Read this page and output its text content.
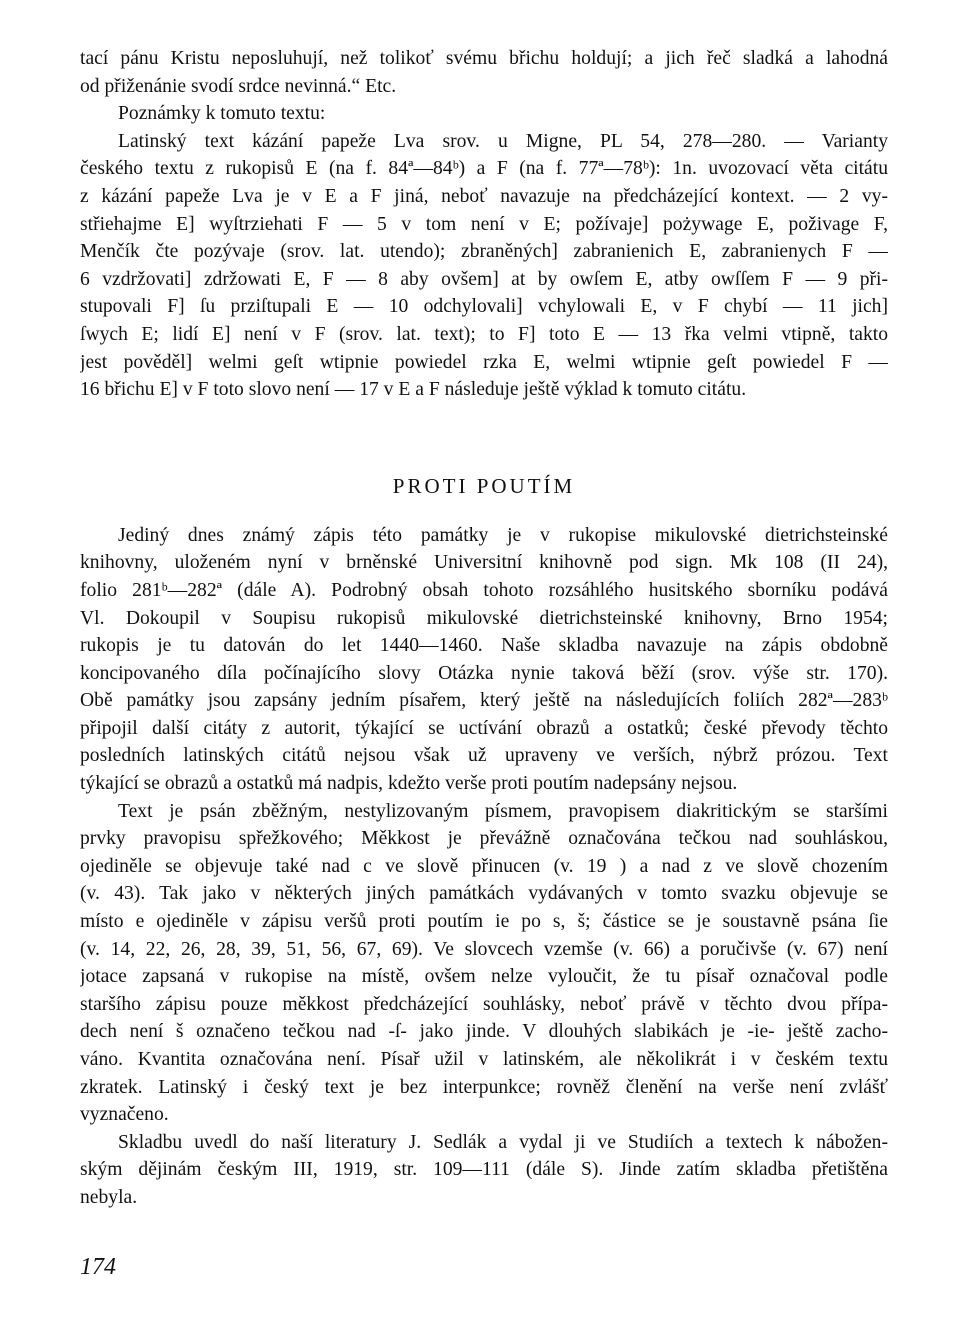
tací pánu Kristu neposluhují, než tolikoť svému břichu holdují; a jich řeč sladká a lahodná
od přiženánie svodí srdce nevinná.“ Etc.
Poznámky k tomuto textu:
Latinský text kázání papeže Lva srov. u Migne, PL 54, 278—280. — Varianty
českého textu z rukopisů E (na f. 84ª—84ᵇ) a F (na f. 77ª—78ᵇ): 1n. uvozovací věta citátu
z kázání papeže Lva je v E a F jiná, neboť navazuje na předcházející kontext. — 2 vy-
střiehajme E] wyſtrziehati F — 5 v tom není v E; požívaje] pożywage E, poživage F,
Menčík čte pozývaje (srov. lat. utendo); zbraněných] zabranienich E, zabranienych F —
6 vzdržovati] zdržowati E, F — 8 aby ovšem] at by owſem E, atby owſſem F — 9 při-
stupovali F] ſu prziſtupali E — 10 odchylovali] vchylowali E, v F chybí — 11 jich]
ſwych E; lidí E] není v F (srov. lat. text); to F] toto E — 13 řka velmi vtipně, takto
jest pověděl] welmi geſt wtipnie powiedel rzka E, welmi wtipnie geſt powiedel F —
16 břichu E] v F toto slovo není — 17 v E a F následuje ještě výklad k tomuto citátu.
PROTI POUTÍM
Jediný dnes známý zápis této památky je v rukopise mikulovské dietrichsteinské
knihovny, uloženém nyní v brněnské Universitní knihovně pod sign. Mk 108 (II 24),
folio 281ᵇ—282ª (dále A). Podrobný obsah tohoto rozsáhlého husitského sborníku podává
Vl. Dokoupil v Soupisu rukopisů mikulovské dietrichsteinské knihovny, Brno 1954;
rukopis je tu datován do let 1440—1460. Naše skladba navazuje na zápis obdobně
koncipovaného díla počínajícího slovy Otázka nynie taková běží (srov. výše str. 170).
Obě památky jsou zapsány jedním písařem, který ještě na následujících foliích 282ª—283ᵇ
připojil další citáty z autorit, týkající se uctívání obrazů a ostatků; české převody těchto
posledních latinských citátů nejsou však už upraveny ve verších, nýbrž prózou. Text
týkající se obrazů a ostatků má nadpis, kdežto verše proti poutím nadepsány nejsou.
Text je psán zběžným, nestylizovaným písmem, pravopisem diakritickým se staršími
prvky pravopisu spřežkového; Měkkost je převážně označována tečkou nad souhláskou,
ojediněle se objevuje také nad c ve slově přinucen (v. 19 ) a nad z ve slově chozením
(v. 43). Tak jako v některých jiných památkách vydávaných v tomto svazku objevuje se
místo e ojediněle v zápisu veršů proti poutím ie po s, š; částice se je soustavně psána ſie
(v. 14, 22, 26, 28, 39, 51, 56, 67, 69). Ve slovcech vzemše (v. 66) a poručivše (v. 67) není
jotace zapsaná v rukopise na místě, ovšem nelze vyloučit, že tu písař označoval podle
staršího zápisu pouze měkkost předcházející souhlásky, neboť právě v těchto dvou přípa-
dech není š označeno tečkou nad -ſ- jako jinde. V dlouhých slabikách je -ie- ještě zacho-
váno. Kvantita označována není. Písař užil v latinském, ale několikrát i v českém textu
zkratek. Latinský i český text je bez interpunkce; rovněž členění na verše není zvlášť
vyznačeno.
Skladbu uvedl do naší literatury J. Sedlák a vydal ji ve Studiích a textech k nábožen-
ským dějinám českým III, 1919, str. 109—111 (dále S). Jinde zatím skladba přetištěna
nebyla.
174
